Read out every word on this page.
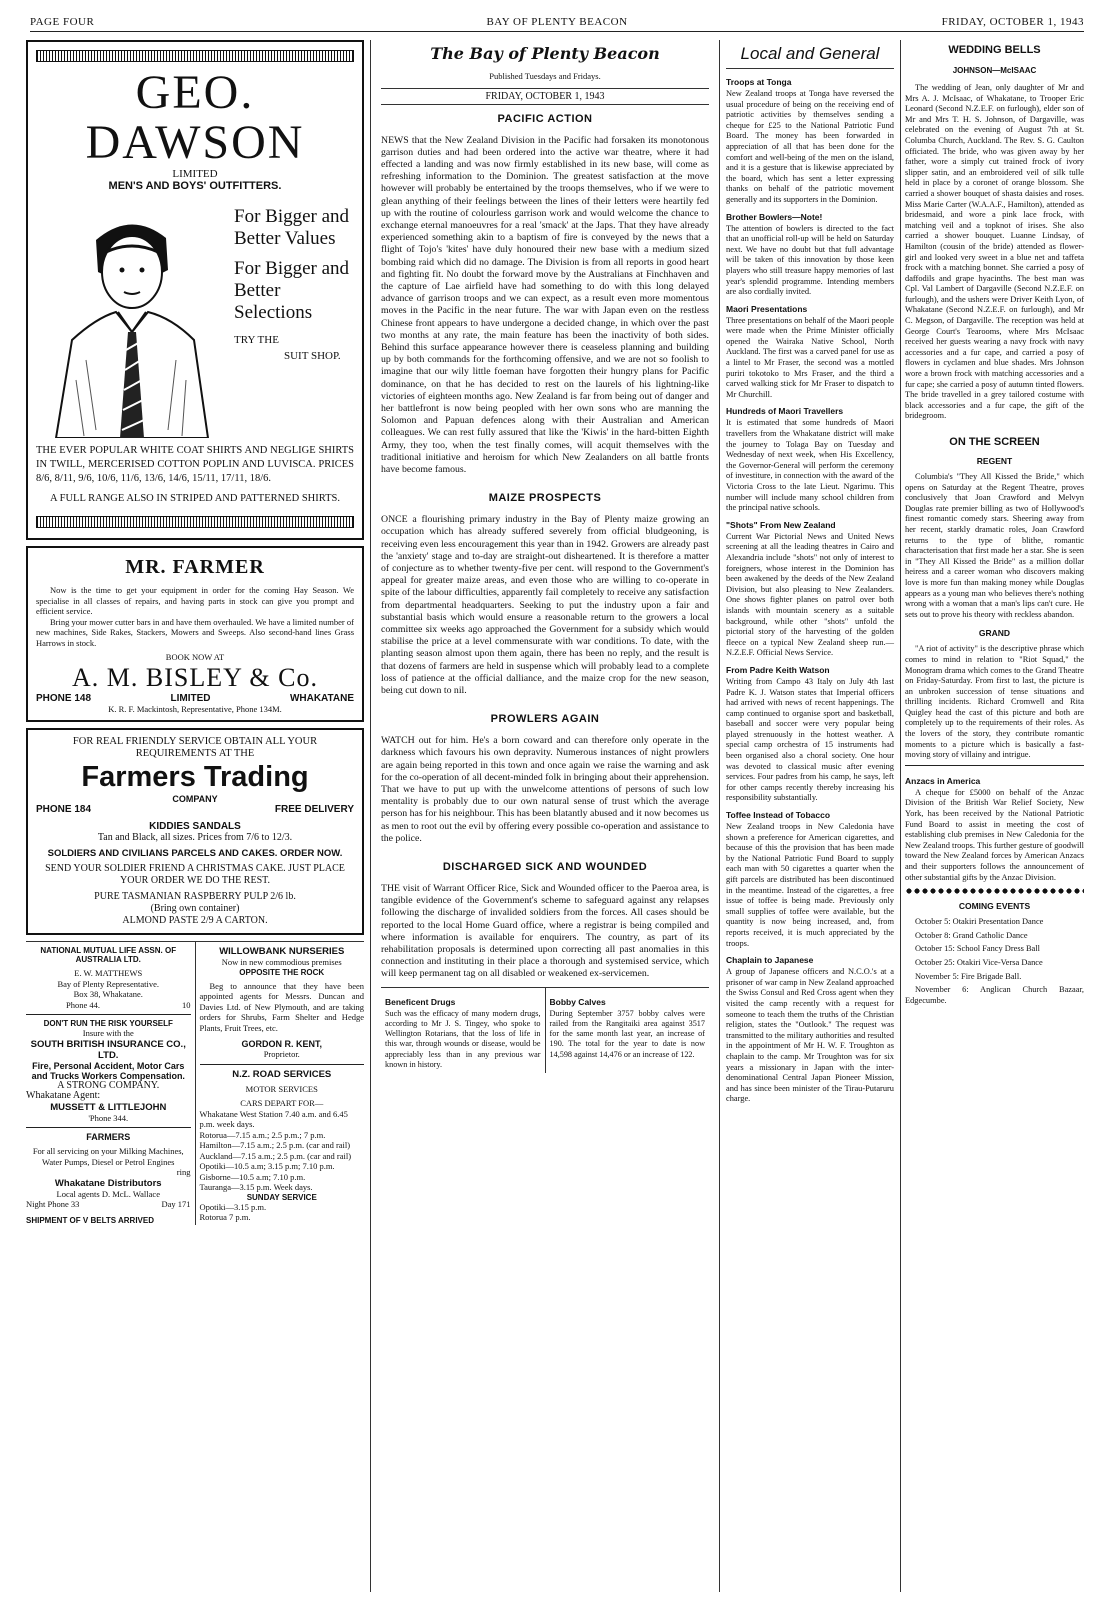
PAGE FOUR	BAY OF PLENTY BEACON	FRIDAY, OCTOBER 1, 1943
GEO. DAWSON
LIMITED
MEN'S AND BOYS' OUTFITTERS.

For Bigger and Better Values

For Bigger and Better Selections

TRY THE
SUIT SHOP.

THE EVER POPULAR WHITE COAT SHIRTS AND NEGLIGE SHIRTS IN TWILL, MERCERISED COTTON POPLIN AND LUVISCA. PRICES 8/6, 8/11, 9/6, 10/6, 11/6, 13/6, 14/6, 15/11, 17/11, 18/6.

A FULL RANGE ALSO IN STRIPED AND PATTERNED SHIRTS.

MR. FARMER

Now is the time to get your equipment in order for the coming Hay Season. We specialise in all classes of repairs, and having parts in stock can give you prompt and efficient service.

Bring your mower cutter bars in and have them overhauled. We have a limited number of new machines, Side Rakes, Stackers, Mowers and Sweeps. Also second-hand lines Grass Harrows in stock.

BOOK NOW AT
A. M. BISLEY & Co.
PHONE 148	LIMITED	WHAKATANE
K. R. F. Mackintosh, Representative, Phone 134M.
FOR REAL FRIENDLY SERVICE OBTAIN ALL YOUR REQUIREMENTS AT THE
Farmers Trading
COMPANY
PHONE 184	FREE DELIVERY
KIDDIES SANDALS
Tan and Black, all sizes. Prices from 7/6 to 12/3.
SOLDIERS AND CIVILIANS PARCELS AND CAKES. ORDER NOW.
SEND YOUR SOLDIER FRIEND A CHRISTMAS CAKE. JUST PLACE YOUR ORDER WE DO THE REST.
PURE TASMANIAN RASPBERRY PULP 2/6 lb.
(Bring own container)
ALMOND PASTE 2/9 A CARTON.
NATIONAL MUTUAL LIFE ASSN. OF AUSTRALIA LTD.
E. W. MATTHEWS
Bay of Plenty Representative.
Box 38, Whakatane.
Phone 44.	10
DON'T RUN THE RISK YOURSELF
Insure with the
SOUTH BRITISH INSURANCE CO., LTD.
Fire, Personal Accident, Motor Cars and Trucks Workers Compensation.
A STRONG COMPANY.
Whakatane Agent:
MUSSETT & LITTLEJOHN
'Phone 344.
FARMERS
For all servicing on your Milking Machines, Water Pumps, Diesel or Petrol Engines
ring
Whakatane Distributors
Local agents D. McL. Wallace
Night Phone 33	Day 171
SHIPMENT OF V BELTS ARRIVED
WILLOWBANK NURSERIES
Now in new commodious premises
OPPOSITE THE ROCK
Beg to announce that they have been appointed agents for Messrs. Duncan and Davies Ltd. of New Plymouth, and are taking orders for Shrubs, Farm Shelter and Hedge Plants, Fruit Trees, etc.
GORDON R. KENT,
Proprietor.
N.Z. ROAD SERVICES
MOTOR SERVICES
CARS DEPART FOR—
Whakatane West Station 7.40 a.m. and 6.45 p.m. week days.
Rotorua—7.15 a.m.; 2.5 p.m.; 7 p.m.
Hamilton—7.15 a.m.; 2.5 p.m. (car and rail)
Auckland—7.15 a.m.; 2.5 p.m. (car and rail)
Opotiki—10.5 a.m; 3.15 p.m; 7.10 p.m.
Gisborne—10.5 a.m; 7.10 p.m.
Tauranga—3.15 p.m. Week days.
SUNDAY SERVICE
Opotiki—3.15 p.m.
Rotorua 7 p.m.
The Bay of Plenty Beacon
Published Tuesdays and Fridays.
FRIDAY, OCTOBER 1, 1943
PACIFIC ACTION

NEWS that the New Zealand Division in the Pacific had forsaken its monotonous garrison duties and had been ordered into the active war theatre, where it had effected a landing and was now firmly established in its new base, will come as refreshing information to the Dominion. The greatest satisfaction at the move however will probably be entertained by the troops themselves, who if we were to glean anything of their feelings between the lines of their letters were heartily fed up with the routine of colourless garrison work and would welcome the chance to exchange eternal manoeuvres for a real 'smack' at the Japs. That they have already experienced something akin to a baptism of fire is conveyed by the news that a flight of Tojo's 'kites' have duly honoured their new base with a medium sized bombing raid which did no damage. The Division is from all reports in good heart and fighting fit. No doubt the forward move by the Australians at Finchhaven and the capture of Lae airfield have had something to do with this long delayed advance of garrison troops and we can expect, as a result even more momentous moves in the Pacific in the near future. The war with Japan even on the restless Chinese front appears to have undergone a decided change, in which over the past two months at any rate, the main feature has been the inactivity of both sides. Behind this surface appearance however there is ceaseless planning and building up by both commands for the forthcoming offensive, and we are not so foolish to imagine that our wily little foeman have forgotten their hungry plans for Pacific dominance, on that he has decided to rest on the laurels of his lightning-like victories of eighteen months ago. New Zealand is far from being out of danger and her battlefront is now being peopled with her own sons who are manning the Solomon and Papuan defences along with their Australian and American colleagues. We can rest fully assured that like the 'Kiwis' in the hard-bitten Eighth Army, they too, when the test finally comes, will acquit themselves with the traditional initiative and heroism for which New Zealanders on all battle fronts have become famous.

MAIZE PROSPECTS

ONCE a flourishing primary industry in the Bay of Plenty maize growing an occupation which has already suffered severely from official bludgeoning, is receiving even less encouragement this year than in 1942. Growers are already past the 'anxiety' stage and to-day are straight-out disheartened. It is therefore a matter of conjecture as to whether twenty-five per cent. will respond to the Government's appeal for greater maize areas, and even those who are willing to co-operate in spite of the labour difficulties, apparently fail completely to receive any satisfaction from departmental headquarters. Seeking to put the industry upon a fair and substantial basis which would ensure a reasonable return to the growers a local committee six weeks ago approached the Government for a subsidy which would stabilise the price at a level commensurate with war conditions. To date, with the planting season almost upon them again, there has been no reply, and the result is that dozens of farmers are held in suspense which will probably lead to a complete loss of patience at the official dalliance, and the maize crop for the new season, being cut down to nil.

PROWLERS AGAIN

WATCH out for him. He's a born coward and can therefore only operate in the darkness which favours his own depravity. Numerous instances of night prowlers are again being reported in this town and once again we raise the warning and ask for the co-operation of all decent-minded folk in bringing about their apprehension. That we have to put up with the unwelcome attentions of persons of such low mentality is probably due to our own natural sense of trust which the average person has for his neighbour. This has been blatantly abused and it now becomes us as men to root out the evil by offering every possible co-operation and assistance to the police.

DISCHARGED SICK AND WOUNDED

THE visit of Warrant Officer Rice, Sick and Wounded officer to the Paeroa area, is tangible evidence of the Government's scheme to safeguard against any relapses following the discharge of invalided soldiers from the forces. All cases should be reported to the local Home Guard office, where a registrar is being compiled and where information is available for enquirers. The country, as part of its rehabilitation proposals is determined upon correcting all past anomalies in this connection and instituting in their place a thorough and systemised service, which will keep permanent tag on all disabled or weakened ex-servicemen.

Beneficent Drugs

Such was the efficacy of many modern drugs, according to Mr J. S. Tingey, who spoke to Wellington Rotarians, that the loss of life in this war, through wounds or disease, would be appreciably less than in any previous war known in history.

Bobby Calves

During September 3757 bobby calves were railed from the Rangitaiki area against 3517 for the same month last year, an increase of 190. The total for the year to date is now 14,598 against 14,476 or an increase of 122.

Local and General
Troops at Tonga

New Zealand troops at Tonga have reversed the usual procedure of being on the receiving end of patriotic activities by themselves sending a cheque for £25 to the National Patriotic Fund Board. The money has been forwarded in appreciation of all that has been done for the comfort and well-being of the men on the island, and it is a gesture that is likewise appreciated by the board, which has sent a letter expressing thanks on behalf of the patriotic movement generally and its supporters in the Dominion.

Brother Bowlers—Note!

The attention of bowlers is directed to the fact that an unofficial roll-up will be held on Saturday next. We have no doubt but that full advantage will be taken of this innovation by those keen players who still treasure happy memories of last year's splendid programme. Intending members are also cordially invited.

Maori Presentations

Three presentations on behalf of the Maori people were made when the Prime Minister officially opened the Wairaka Native School, North Auckland. The first was a carved panel for use as a lintel to Mr Fraser, the second was a mottled puriri tokotoko to Mrs Fraser, and the third a carved walking stick for Mr Fraser to dispatch to Mr Churchill.

Hundreds of Maori Travellers

It is estimated that some hundreds of Maori travellers from the Whakatane district will make the journey to Tolaga Bay on Tuesday and Wednesday of next week, when His Excellency, the Governor-General will perform the ceremony of investiture, in connection with the award of the Victoria Cross to the late Lieut. Ngarimu. This number will include many school children from the principal native schools.

"Shots" From New Zealand

Current War Pictorial News and United News screening at all the leading theatres in Cairo and Alexandria include "shots" not only of interest to foreigners, whose interest in the Dominion has been awakened by the deeds of the New Zealand Division, but also pleasing to New Zealanders. One shows fighter planes on patrol over both islands with mountain scenery as a suitable background, while other "shots" unfold the pictorial story of the harvesting of the golden fleece on a typical New Zealand sheep run.—N.Z.E.F. Official News Service.

From Padre Keith Watson

Writing from Campo 43 Italy on July 4th last Padre K. J. Watson states that Imperial officers had arrived with news of recent happenings. The camp continued to organise sport and basketball, baseball and soccer were very popular being played strenuously in the hottest weather. A special camp orchestra of 15 instruments had been organised also a choral society. One hour was devoted to classical music after evening services. Four padres from his camp, he says, left for other camps recently thereby increasing his responsibility substantially.

Toffee Instead of Tobacco

New Zealand troops in New Caledonia have shown a preference for American cigarettes, and because of this the provision that has been made by the National Patriotic Fund Board to supply each man with 50 cigarettes a quarter when the gift parcels are distributed has been discontinued in the meantime. Instead of the cigarettes, a free issue of toffee is being made. Previously only small supplies of toffee were available, but the quantity is now being increased, and, from reports received, it is much appreciated by the troops.

Chaplain to Japanese

A group of Japanese officers and N.C.O.'s at a prisoner of war camp in New Zealand approached the Swiss Consul and Red Cross agent when they visited the camp recently with a request for someone to teach them the truths of the Christian religion, states the "Outlook." The request was transmitted to the military authorities and resulted in the appointment of Mr H. W. F. Troughton as chaplain to the camp. Mr Troughton was for six years a missionary in Japan with the inter-denominational Central Japan Pioneer Mission, and has since been minister of the Tirau-Putaruru charge.

WEDDING BELLS
JOHNSON—McISAAC

The wedding of Jean, only daughter of Mr and Mrs A. J. McIsaac, of Whakatane, to Trooper Eric Leonard (Second N.Z.E.F. on furlough), elder son of Mr and Mrs T. H. S. Johnson, of Dargaville, was celebrated on the evening of August 7th at St. Columba Church, Auckland. The Rev. S. G. Caulton officiated. The bride, who was given away by her father, wore a simply cut trained frock of ivory slipper satin, and an embroidered veil of silk tulle held in place by a coronet of orange blossom. She carried a shower bouquet of shasta daisies and roses. Miss Marie Carter (W.A.A.F., Hamilton), attended as bridesmaid, and wore a pink lace frock, with matching veil and a topknot of irises. She also carried a shower bouquet. Luanne Lindsay, of Hamilton (cousin of the bride) attended as flower-girl and looked very sweet in a blue net and taffeta frock with a matching bonnet. She carried a posy of daffodils and grape hyacinths. The best man was Cpl. Val Lambert of Dargaville (Second N.Z.E.F. on furlough), and the ushers were Driver Keith Lyon, of Whakatane (Second N.Z.E.F. on furlough), and Mr C. Megson, of Dargaville. The reception was held at George Court's Tearooms, where Mrs McIsaac received her guests wearing a navy frock with navy accessories and a fur cape, and carried a posy of flowers in cyclamen and blue shades. Mrs Johnson wore a brown frock with matching accessories and a fur cape; she carried a posy of autumn tinted flowers. The bride travelled in a grey tailored costume with black accessories and a fur cape, the gift of the bridegroom.

ON THE SCREEN
REGENT

Columbia's "They All Kissed the Bride," which opens on Saturday at the Regent Theatre, proves conclusively that Joan Crawford and Melvyn Douglas rate premier billing as two of Hollywood's finest romantic comedy stars. Sheering away from her recent, starkly dramatic roles, Joan Crawford returns to the type of blithe, romantic characterisation that first made her a star. She is seen in "They All Kissed the Bride" as a million dollar heiress and a career woman who discovers making love is more fun than making money while Douglas appears as a young man who believes there's nothing wrong with a woman that a man's lips can't cure. He sets out to prove his theory with reckless abandon.

GRAND

"A riot of activity" is the descriptive phrase which comes to mind in relation to "Riot Squad," the Monogram drama which comes to the Grand Theatre on Friday-Saturday. From first to last, the picture is an unbroken succession of tense situations and thrilling incidents. Richard Cromwell and Rita Quigley head the cast of this picture and both are completely up to the requirements of their roles. As the lovers of the story, they contribute romantic moments to a picture which is basically a fast-moving story of villainy and intrigue.

Anzacs in America

A cheque for £5000 on behalf of the Anzac Division of the British War Relief Society, New York, has been received by the National Patriotic Fund Board to assist in meeting the cost of establishing club premises in New Caledonia for the New Zealand troops. This further gesture of goodwill toward the New Zealand forces by American Anzacs and their supporters follows the announcement of other substantial gifts by the Anzac Division.

COMING EVENTS
October 5: Otakiri Presentation Dance
October 8: Grand Catholic Dance
October 15: School Fancy Dress Ball
October 25: Otakiri Vice-Versa Dance
November 5: Fire Brigade Ball.
November 6: Anglican Church Bazaar, Edgecumbe.
